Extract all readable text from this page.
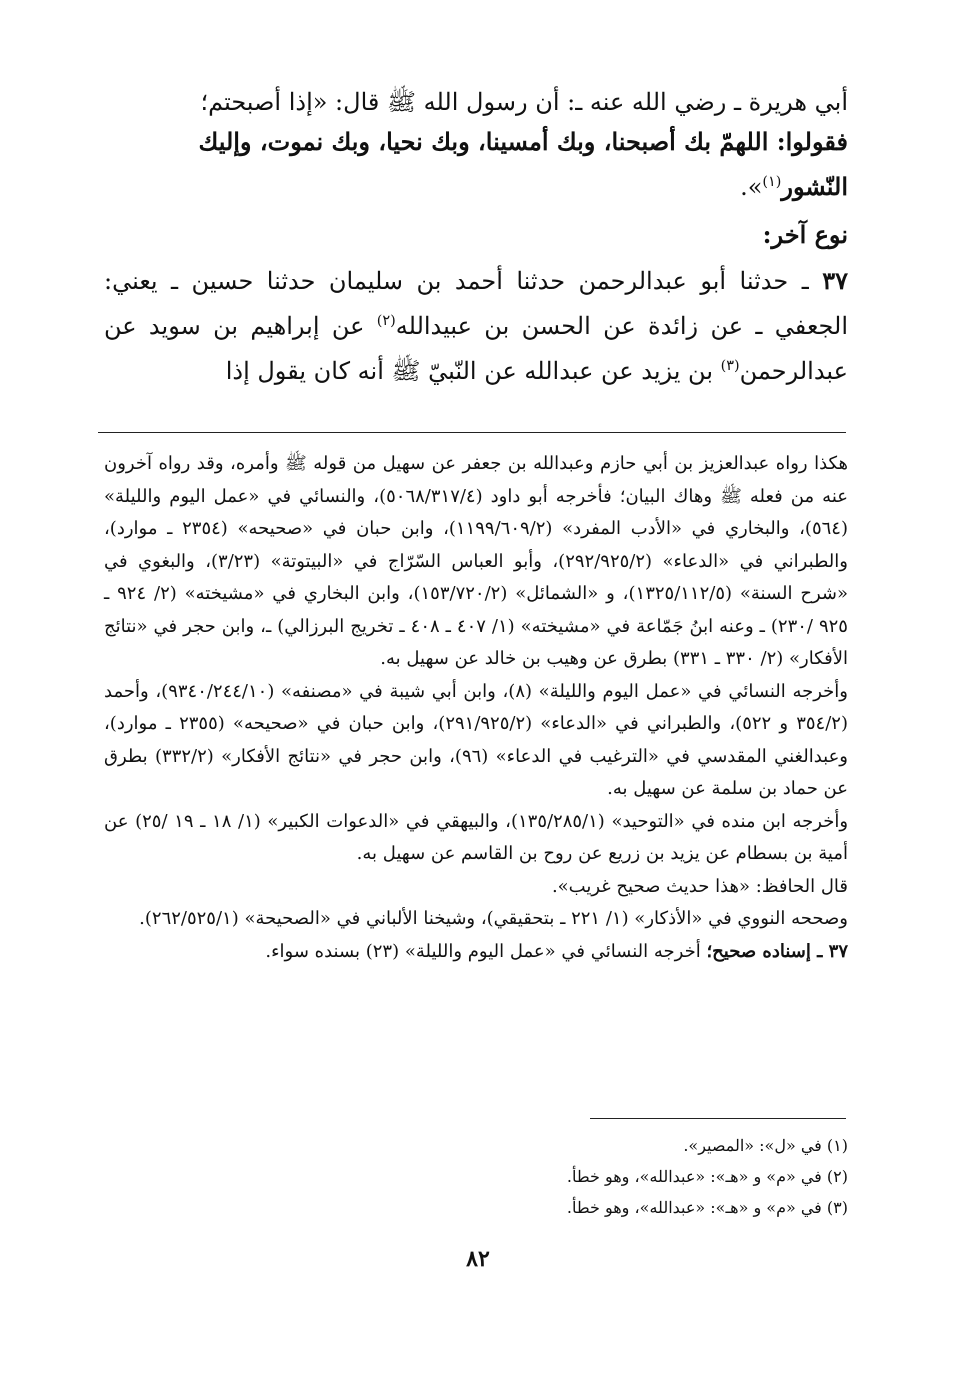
أبي هريرة ـ رضي الله عنه ـ: أن رسول الله ﷺ قال: «إذا أصبحتم؛

فقولوا: اللهمّ بك أصبحنا، وبك أمسينا، وبك نحيا، وبك نموت، وإليك

النّشور$^{(١)}$».

نوع آخر:

٣٧ ـ حدثنا أبو عبدالرحمن حدثنا أحمد بن سليمان حدثنا حسين ـ يعني: الجعفي ـ عن زائدة عن الحسن بن عبيدالله$^{(٢)}$ عن إبراهيم بن سويد عن عبدالرحمن$^{(٣)}$ بن يزيد عن عبدالله عن النّبيّ ﷺ أنه كان يقول إذا

هكذا رواه عبدالعزيز بن أبي حازم وعبدالله بن جعفر عن سهيل من قوله ﷺ وأمره، وقد رواه آخرون عنه من فعله ﷺ وهاك البيان؛ فأخرجه أبو داود (٥٠٦٨/٣١٧/٤)، والنسائي في «عمل اليوم والليلة» (٥٦٤)، والبخاري في «الأدب المفرد» (١١٩٩/٦٠٩/٢)، وابن حبان في «صحيحه» (٢٣٥٤ ـ موارد)، والطبراني في «الدعاء» (٢٩٢/٩٢٥/٢)، وأبو العباس السّرّاج في «البيتوتة» (٣/٢٣)، والبغوي في «شرح السنة» (١٣٢٥/١١٢/٥)، و «الشمائل» (١٥٣/٧٢٠/٢)، وابن البخاري في «مشيخته» (٢/ ٩٢٤ ـ ٩٢٥ /٢٣٠) ـ وعنه ابنُ جَمّاعة في «مشيخته» (١/ ٤٠٧ ـ ٤٠٨ ـ تخريج البرزالي) ـ، وابن حجر في «نتائج الأفكار» (٢/ ٣٣٠ ـ ٣٣١) بطرق عن وهيب بن خالد عن سهيل به.

وأخرجه النسائي في «عمل اليوم والليلة» (٨)، وابن أبي شيبة في «مصنفه» (٩٣٤٠/٢٤٤/١٠)، وأحمد (٣٥٤/٢ و ٥٢٢)، والطبراني في «الدعاء» (٢٩١/٩٢٥/٢)، وابن حبان في «صحيحه» (٢٣٥٥ ـ موارد)، وعبدالغني المقدسي في «الترغيب في الدعاء» (٩٦)، وابن حجر في «نتائج الأفكار» (٣٣٢/٢) بطرق عن حماد بن سلمة عن سهيل به.

وأخرجه ابن منده في «التوحيد» (١٣٥/٢٨٥/١)، والبيهقي في «الدعوات الكبير» (١/ ١٨ ـ ١٩ /٢٥) عن أمية بن بسطام عن يزيد بن زريع عن روح بن القاسم عن سهيل به.

قال الحافظ: «هذا حديث صحيح غريب».

وصححه النووي في «الأذكار» (١/ ٢٢١ ـ بتحقيقي)، وشيخنا الألباني في «الصحيحة» (٢٦٢/٥٢٥/١).

٣٧ ـ إسناده صحيح؛ أخرجه النسائي في «عمل اليوم والليلة» (٢٣) بسنده سواء.

(١) في «ل»: «المصير».

(٢) في «م» و «هـ»: «عبدالله»، وهو خطأ.

(٣) في «م» و «هـ»: «عبدالله»، وهو خطأ.

٨٢
